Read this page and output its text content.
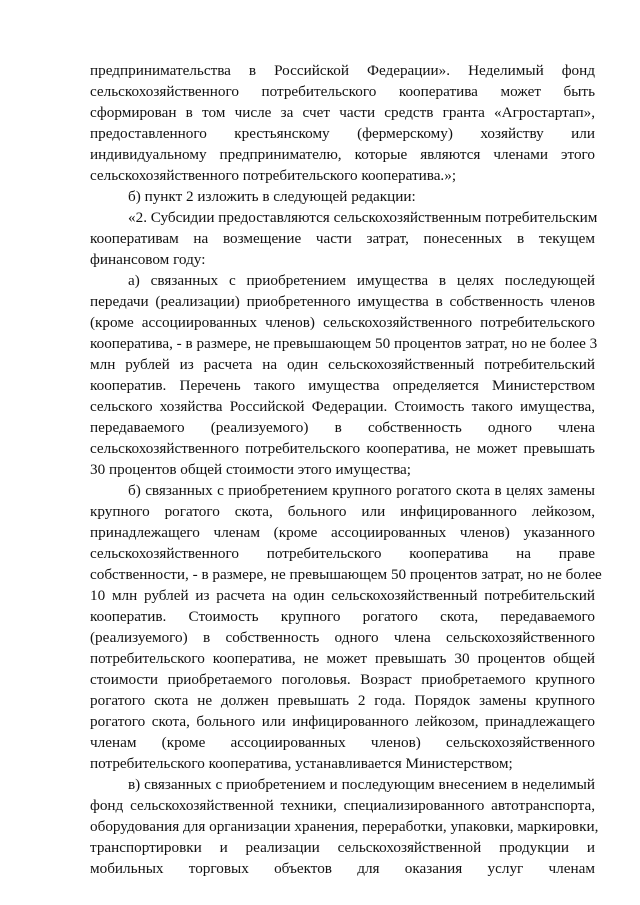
предпринимательства в Российской Федерации». Неделимый фонд
сельскохозяйственного потребительского кооператива может быть
сформирован в том числе за счет части средств гранта «Агростартап»,
предоставленного крестьянскому (фермерскому) хозяйству или
индивидуальному предпринимателю, которые являются членами этого
сельскохозяйственного потребительского кооператива.»;
б) пункт 2 изложить в следующей редакции:
«2. Субсидии предоставляются сельскохозяйственным потребительским
кооперативам на возмещение части затрат, понесенных в текущем
финансовом году:
а) связанных с приобретением имущества в целях последующей
передачи (реализации) приобретенного имущества в собственность членов
(кроме ассоциированных членов) сельскохозяйственного потребительского
кооператива, - в размере, не превышающем 50 процентов затрат, но не более 3
млн рублей из расчета на один сельскохозяйственный потребительский
кооператив. Перечень такого имущества определяется Министерством
сельского хозяйства Российской Федерации. Стоимость такого имущества,
передаваемого (реализуемого) в собственность одного члена
сельскохозяйственного потребительского кооператива, не может превышать
30 процентов общей стоимости этого имущества;
б) связанных с приобретением крупного рогатого скота в целях замены
крупного рогатого скота, больного или инфицированного лейкозом,
принадлежащего членам (кроме ассоциированных членов) указанного
сельскохозяйственного потребительского кооператива на праве
собственности, - в размере, не превышающем 50 процентов затрат, но не более
10 млн рублей из расчета на один сельскохозяйственный потребительский
кооператив. Стоимость крупного рогатого скота, передаваемого
(реализуемого) в собственность одного члена сельскохозяйственного
потребительского кооператива, не может превышать 30 процентов общей
стоимости приобретаемого поголовья. Возраст приобретаемого крупного
рогатого скота не должен превышать 2 года. Порядок замены крупного
рогатого скота, больного или инфицированного лейкозом, принадлежащего
членам (кроме ассоциированных членов) сельскохозяйственного
потребительского кооператива, устанавливается Министерством;
в) связанных с приобретением и последующим внесением в неделимый
фонд сельскохозяйственной техники, специализированного автотранспорта,
оборудования для организации хранения, переработки, упаковки, маркировки,
транспортировки и реализации сельскохозяйственной продукции и
мобильных торговых объектов для оказания услуг членам
